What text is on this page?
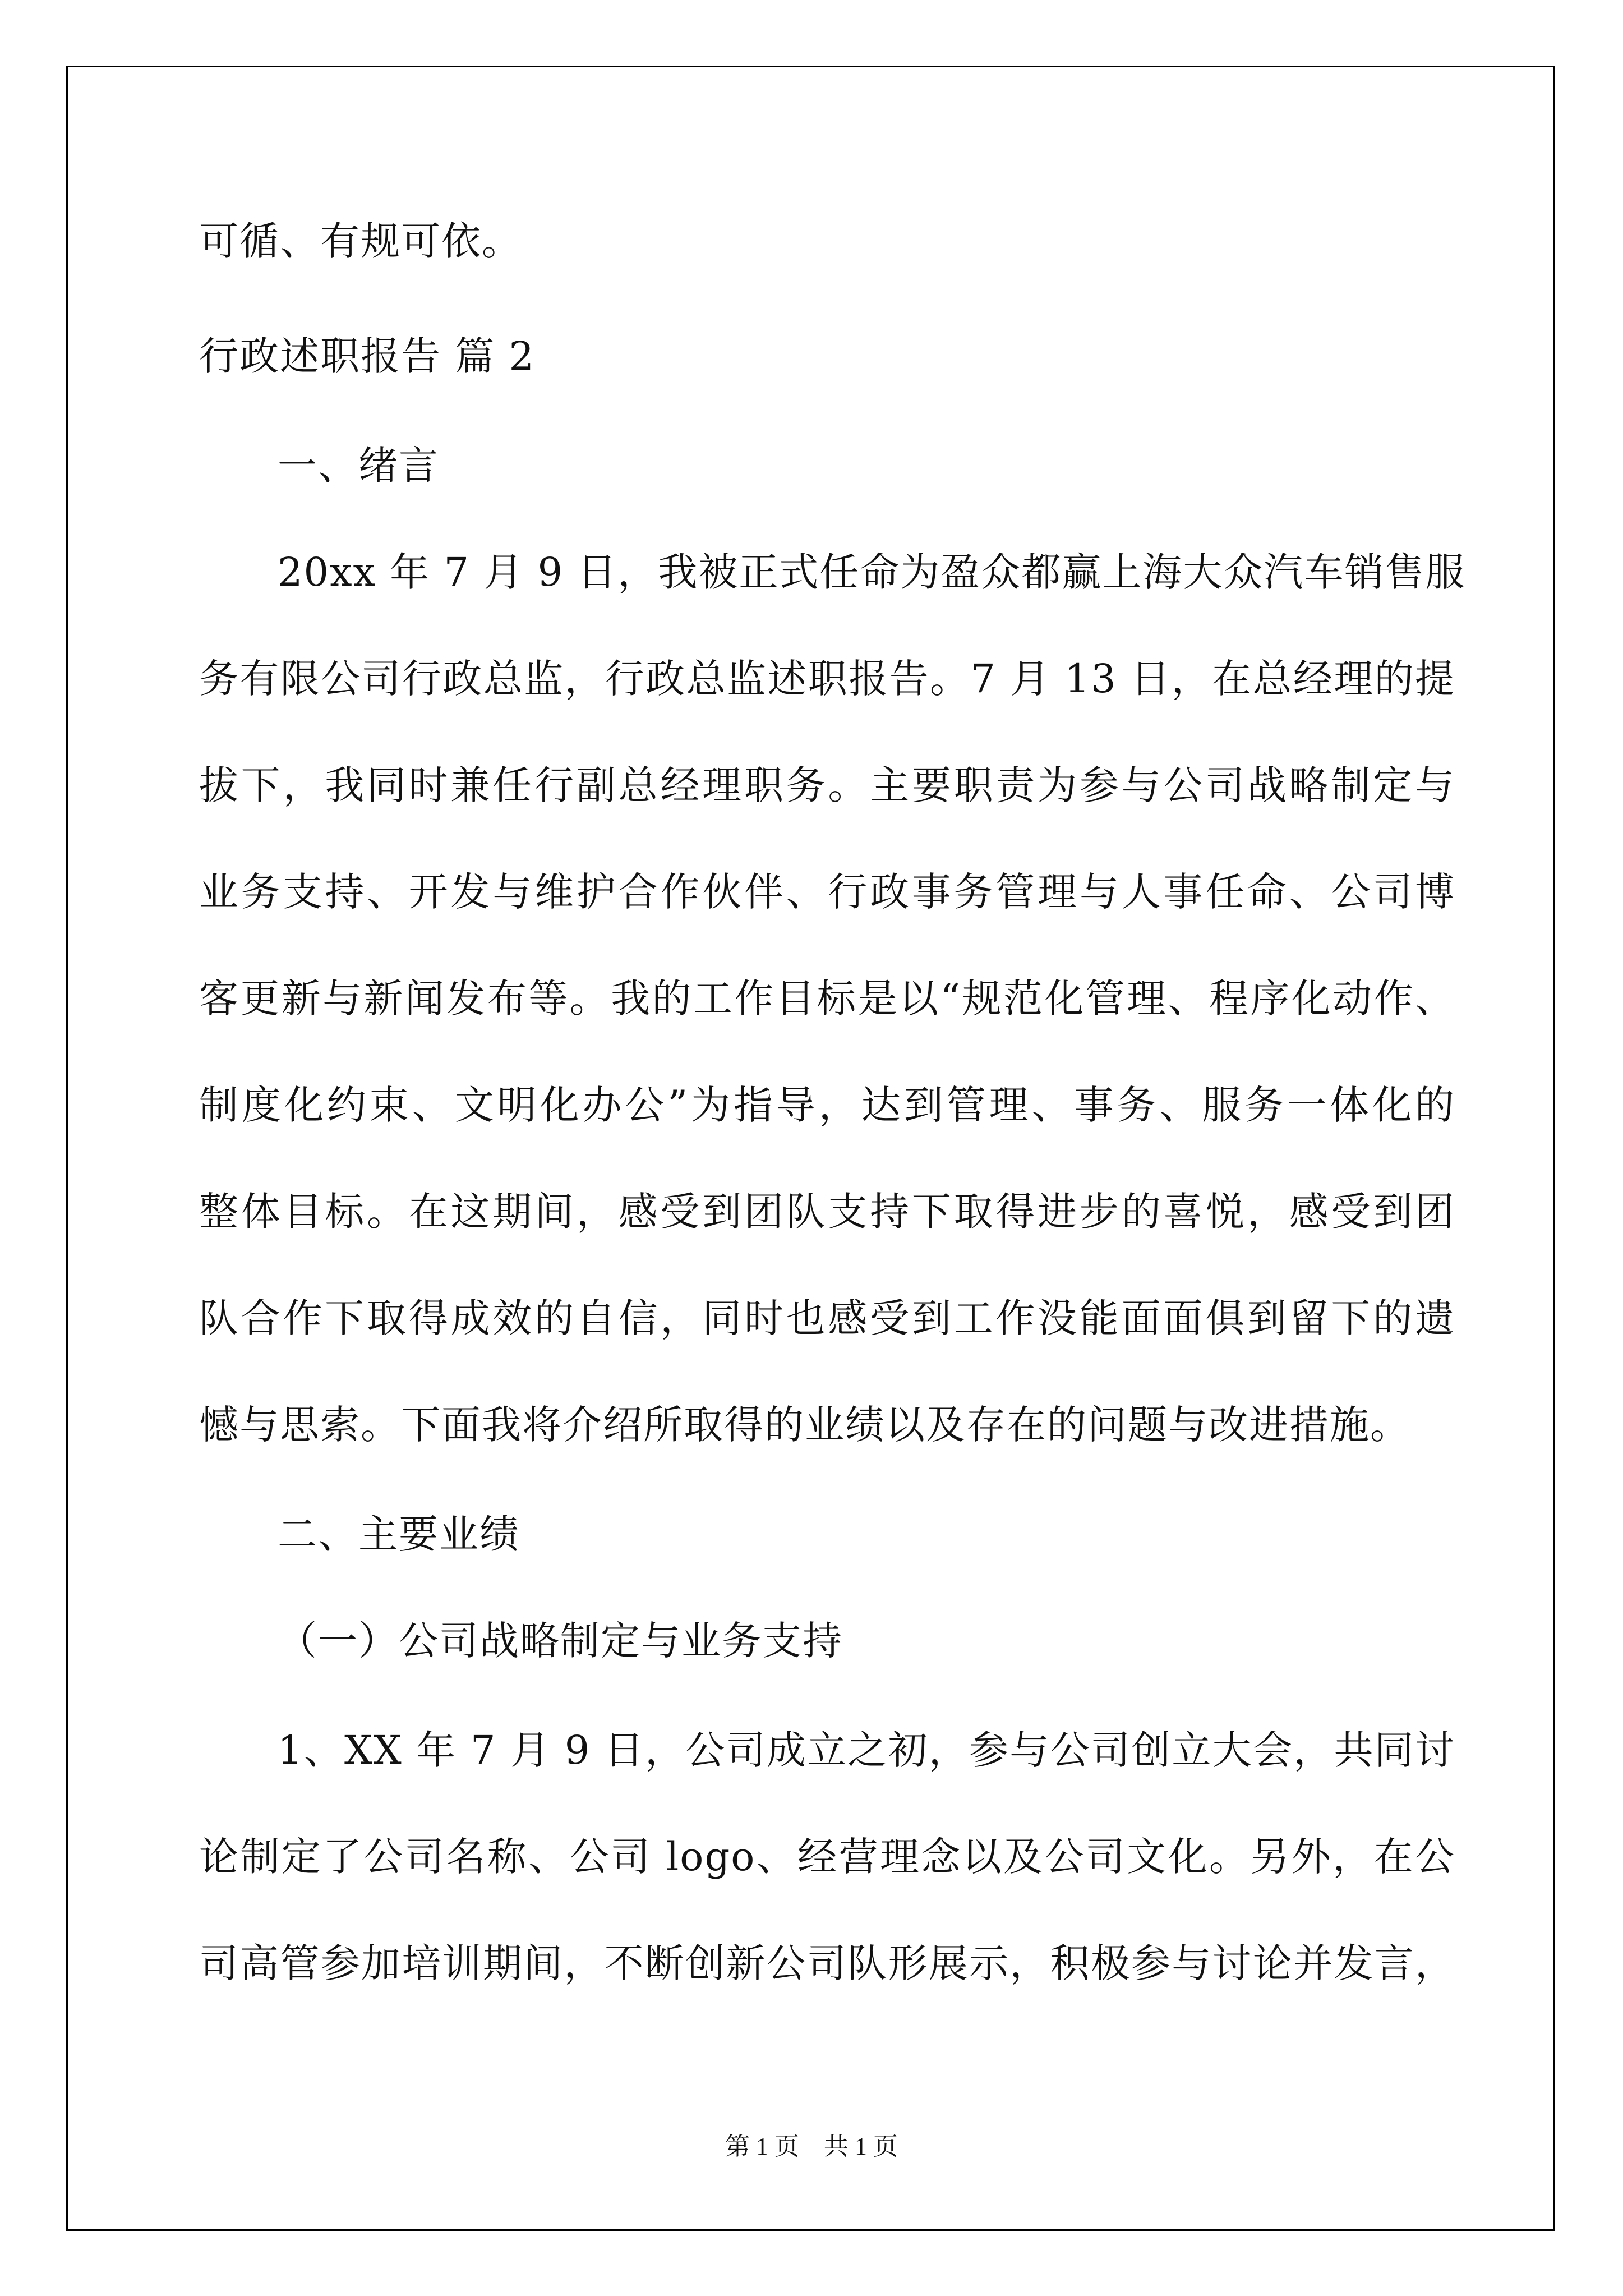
可循、有规可依。
行政述职报告 篇 2
一、绪言
20xx 年 7 月 9 日，我被正式任命为盈众都赢上海大众汽车销售服
务有限公司行政总监，行政总监述职报告。7 月 13 日，在总经理的提
拔下，我同时兼任行副总经理职务。主要职责为参与公司战略制定与
业务支持、开发与维护合作伙伴、行政事务管理与人事任命、公司博
客更新与新闻发布等。我的工作目标是以“规范化管理、程序化动作、
制度化约束、文明化办公”为指导，达到管理、事务、服务一体化的
整体目标。在这期间，感受到团队支持下取得进步的喜悦，感受到团
队合作下取得成效的自信，同时也感受到工作没能面面俱到留下的遗
憾与思索。下面我将介绍所取得的业绩以及存在的问题与改进措施。
二、主要业绩
（一）公司战略制定与业务支持
1、XX 年 7 月 9 日，公司成立之初，参与公司创立大会，共同讨
论制定了公司名称、公司 logo、经营理念以及公司文化。另外，在公
司高管参加培训期间，不断创新公司队形展示，积极参与讨论并发言，
第 1 页　共 1 页
